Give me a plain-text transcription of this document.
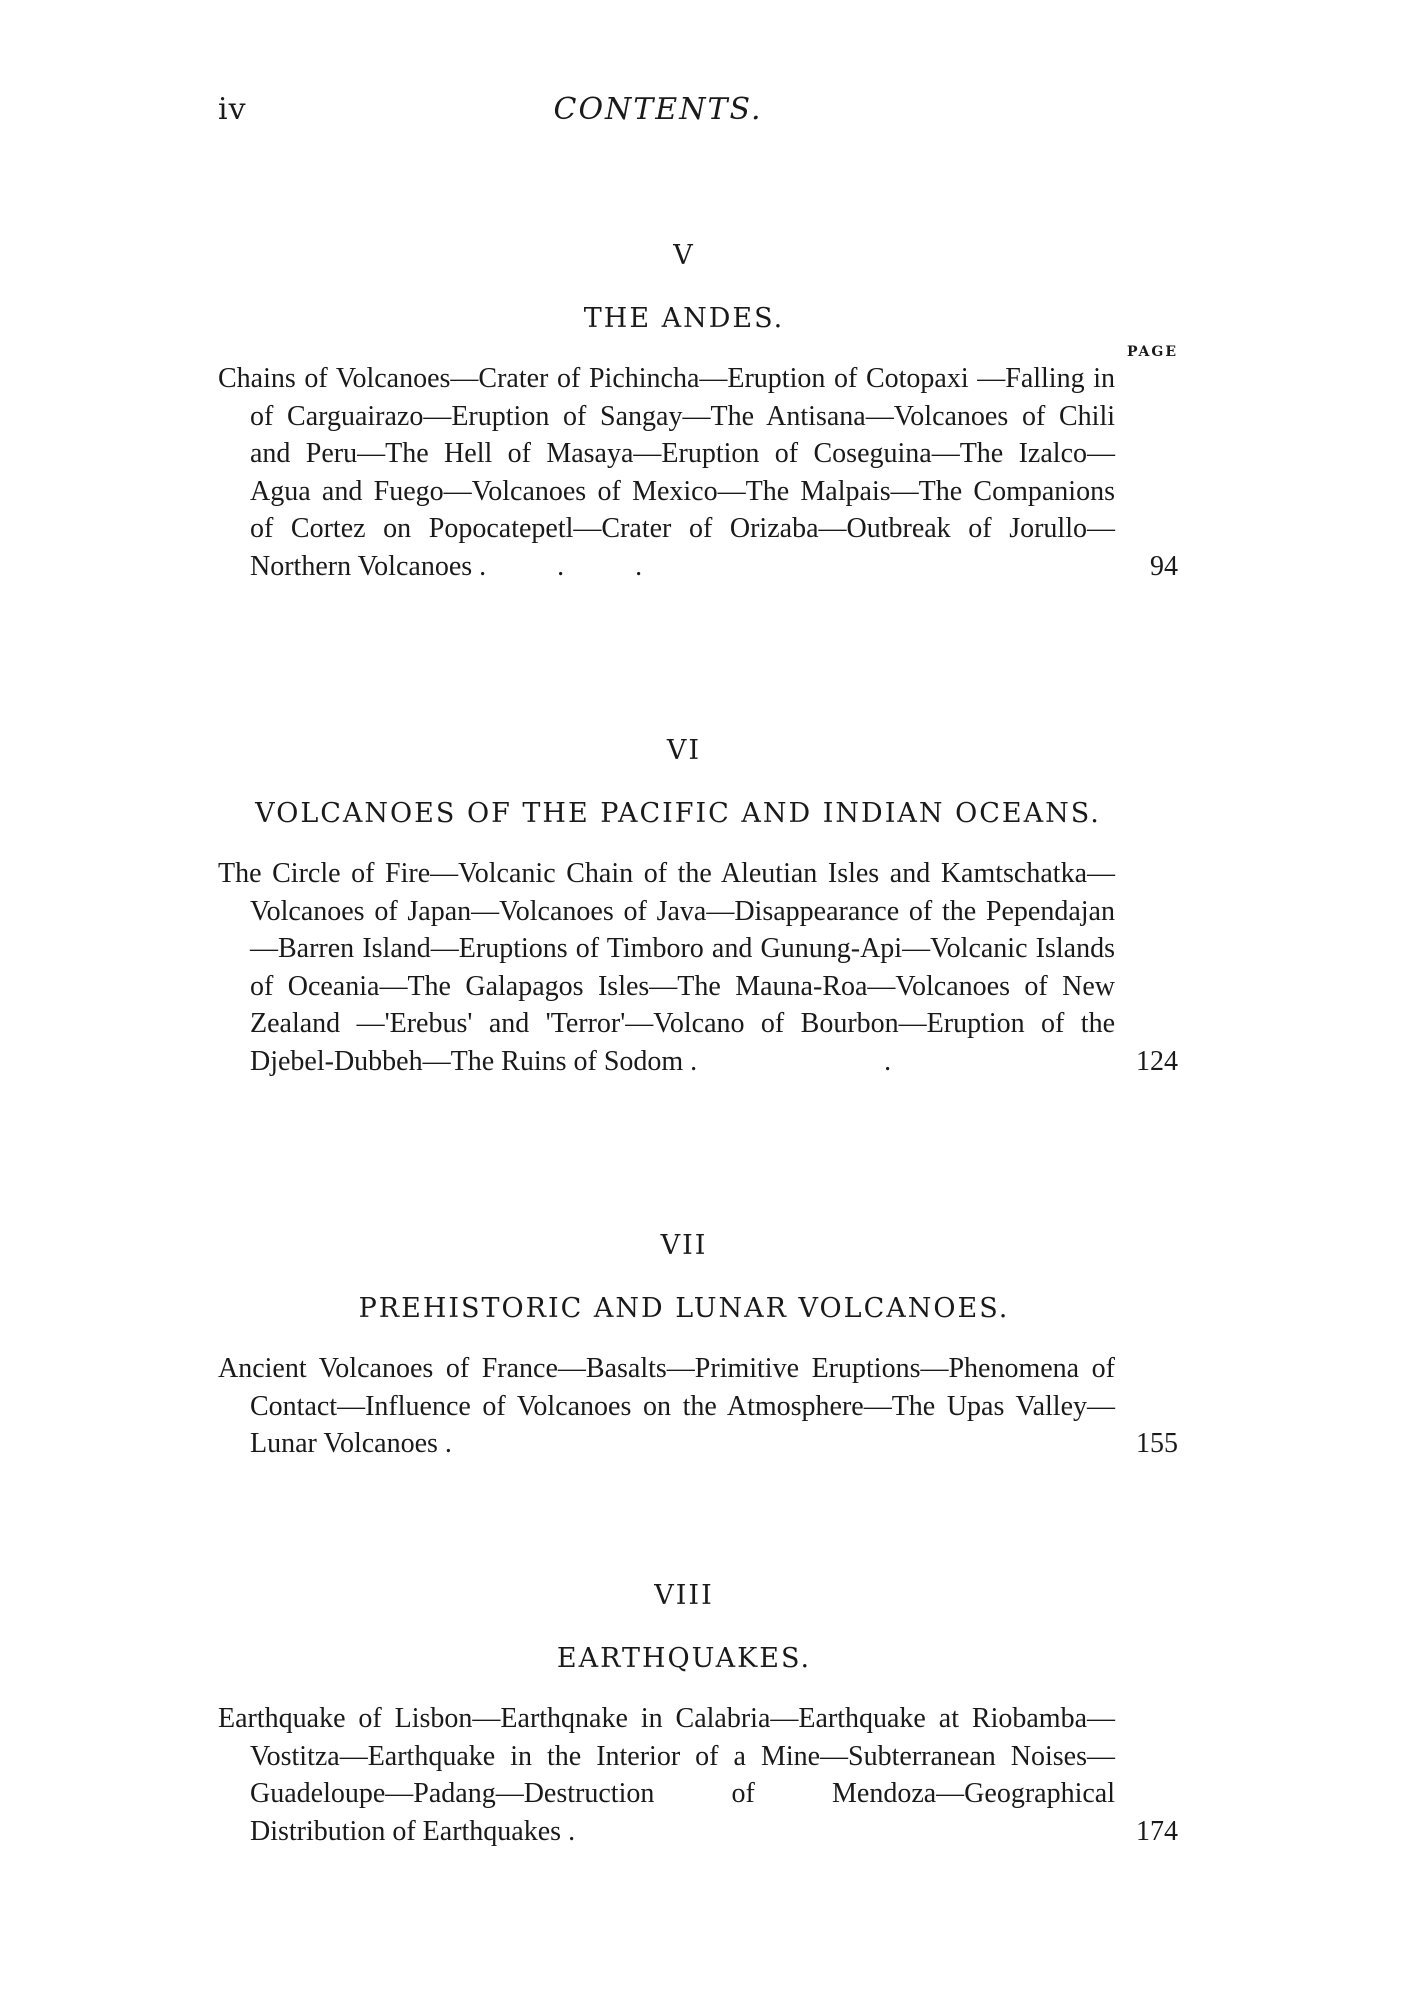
iv	CONTENTS.
V
THE ANDES.
PAGE
Chains of Volcanoes—Crater of Pichincha—Eruption of Cotopaxi —Falling in of Carguairazo—Eruption of Sangay—The Antisana—Volcanoes of Chili and Peru—The Hell of Masaya—Eruption of Coseguina—The Izalco—Agua and Fuego—Volcanoes of Mexico—The Malpais—The Companions of Cortez on Popocatepetl—Crater of Orizaba—Outbreak of Jorullo—Northern Volcanoes . . .	94
VI
VOLCANOES OF THE PACIFIC AND INDIAN OCEANS.
The Circle of Fire—Volcanic Chain of the Aleutian Isles and Kamtschatka—Volcanoes of Japan—Volcanoes of Java—Disappearance of the Pependajan—Barren Island—Eruptions of Timboro and Gunung-Api—Volcanic Islands of Oceania—The Galapagos Isles—The Mauna-Roa—Volcanoes of New Zealand —'Erebus' and 'Terror'—Volcano of Bourbon—Eruption of the Djebel-Dubbeh—The Ruins of Sodom . .	124
VII
PREHISTORIC AND LUNAR VOLCANOES.
Ancient Volcanoes of France—Basalts—Primitive Eruptions—Phenomena of Contact—Influence of Volcanoes on the Atmosphere—The Upas Valley—Lunar Volcanoes .	155
VIII
EARTHQUAKES.
Earthquake of Lisbon—Earthqnake in Calabria—Earthquake at Riobamba—Vostitza—Earthquake in the Interior of a Mine—Subterranean Noises—Guadeloupe—Padang—Destruction of Mendoza—Geographical Distribution of Earthquakes .	174
